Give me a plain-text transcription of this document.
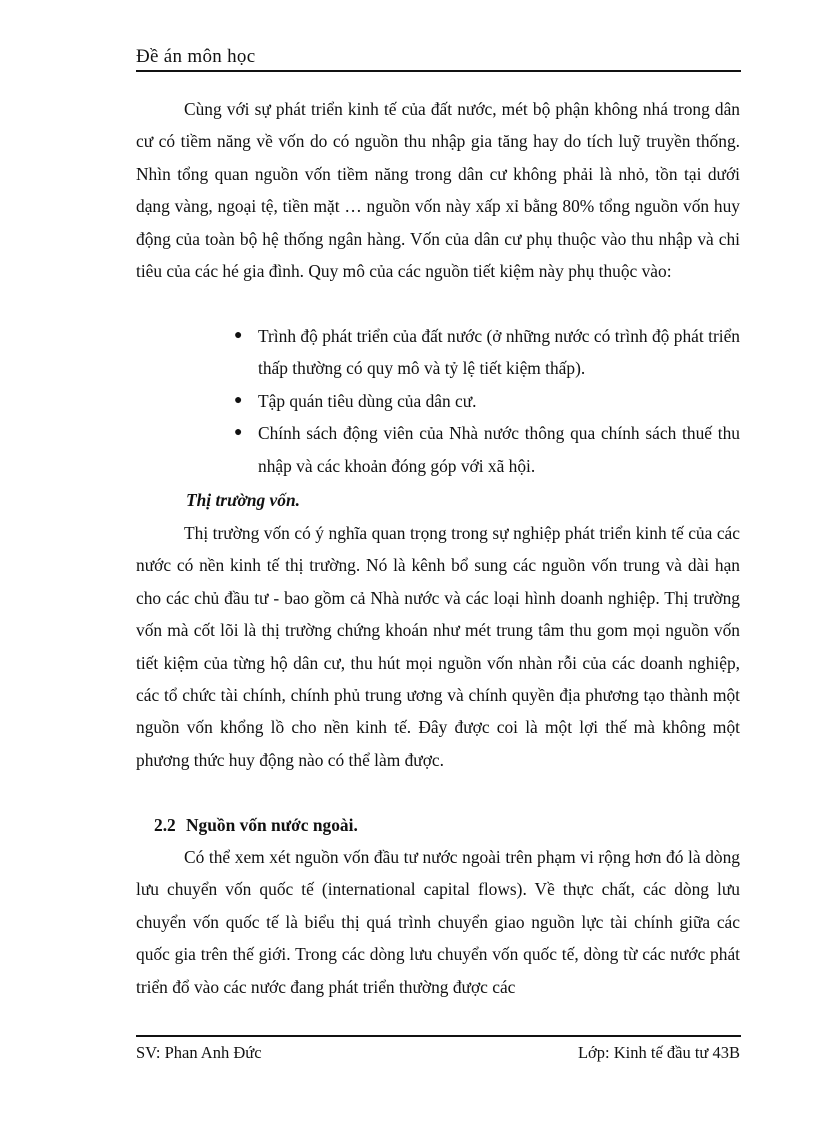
Đề án môn học

Cùng với sự phát triển kinh tế của đất nước, mét bộ phận không nhá trong dân cư có tiềm năng về vốn do có nguồn thu nhập gia tăng hay do tích luỹ truyền thống. Nhìn tổng quan nguồn vốn tiềm năng trong dân cư không phải là nhỏ, tồn tại dưới dạng vàng, ngoại tệ, tiền mặt … nguồn vốn này xấp xỉ bằng 80% tổng nguồn vốn huy động của toàn bộ hệ thống ngân hàng. Vốn của dân cư phụ thuộc vào thu nhập và chi tiêu của các hé gia đình. Quy mô của các nguồn tiết kiệm này phụ thuộc vào:

● Trình độ phát triển của đất nước (ở những nước có trình độ phát triển thấp thường có quy mô và tỷ lệ tiết kiệm thấp).
● Tập quán tiêu dùng của dân cư.
● Chính sách động viên của Nhà nước thông qua chính sách thuế thu nhập và các khoản đóng góp với xã hội.
Thị trường vốn.

Thị trường vốn có ý nghĩa quan trọng trong sự nghiệp phát triển kinh tế của các nước có nền kinh tế thị trường. Nó là kênh bổ sung các nguồn vốn trung và dài hạn cho các chủ đầu tư - bao gồm cả Nhà nước và các loại hình doanh nghiệp. Thị trường vốn mà cốt lõi là thị trường chứng khoán như mét trung tâm thu gom mọi nguồn vốn tiết kiệm của từng hộ dân cư, thu hút mọi nguồn vốn nhàn rỗi của các doanh nghiệp, các tổ chức tài chính, chính phủ trung ương và chính quyền địa phương tạo thành một nguồn vốn khổng lồ cho nền kinh tế. Đây được coi là một lợi thế mà không một phương thức huy động nào có thể làm được.

2.2 Nguồn vốn nước ngoài.

Có thể xem xét nguồn vốn đầu tư nước ngoài trên phạm vi rộng hơn đó là dòng lưu chuyển vốn quốc tế (international capital flows). Về thực chất, các dòng lưu chuyển vốn quốc tế là biểu thị quá trình chuyển giao nguồn lực tài chính giữa các quốc gia trên thế giới. Trong các dòng lưu chuyển vốn quốc tế, dòng từ các nước phát triển đổ vào các nước đang phát triển thường được các

SV: Phan Anh Đức	Lớp: Kinh tế đầu tư 43B
